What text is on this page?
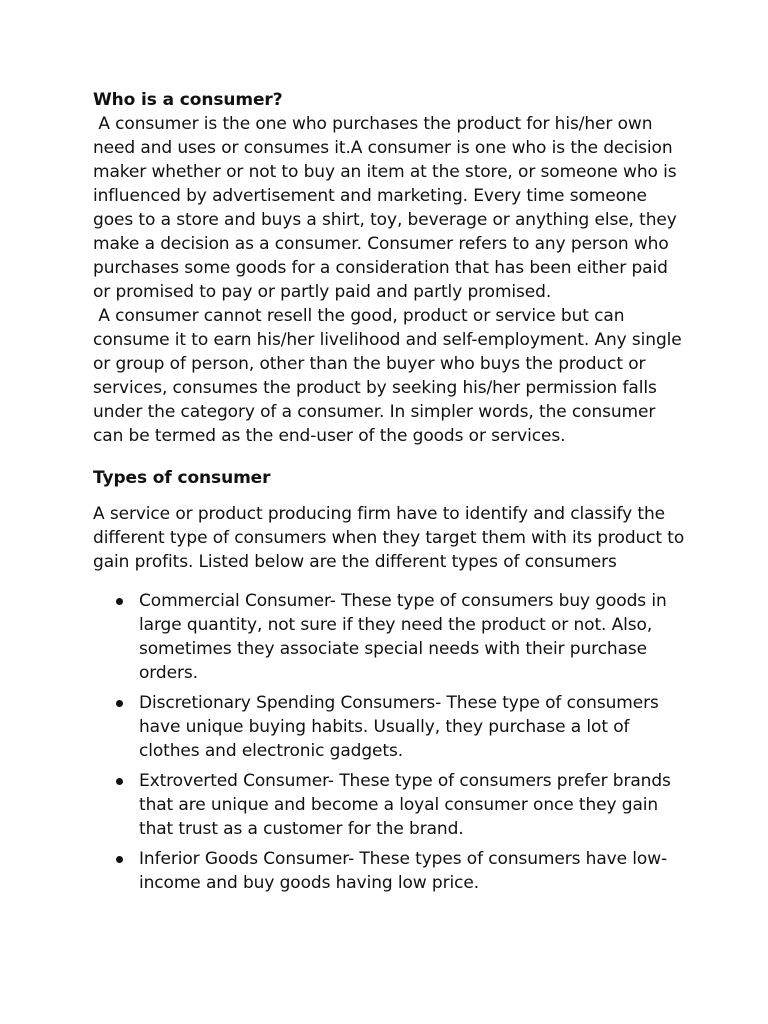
Who is a consumer?

A consumer is the one who purchases the product for his/her own need and uses or consumes it.A consumer is one who is the decision maker whether or not to buy an item at the store, or someone who is influenced by advertisement and marketing. Every time someone goes to a store and buys a shirt, toy, beverage or anything else, they make a decision as a consumer. Consumer refers to any person who purchases some goods for a consideration that has been either paid or promised to pay or partly paid and partly promised.

A consumer cannot resell the good, product or service but can consume it to earn his/her livelihood and self-employment. Any single or group of person, other than the buyer who buys the product or services, consumes the product by seeking his/her permission falls under the category of a consumer. In simpler words, the consumer can be termed as the end-user of the goods or services.

Types of consumer

A service or product producing firm have to identify and classify the different type of consumers when they target them with its product to gain profits. Listed below are the different types of consumers

Commercial Consumer- These type of consumers buy goods in large quantity, not sure if they need the product or not. Also, sometimes they associate special needs with their purchase orders.
Discretionary Spending Consumers- These type of consumers have unique buying habits. Usually, they purchase a lot of clothes and electronic gadgets.
Extroverted Consumer- These type of consumers prefer brands that are unique and become a loyal consumer once they gain that trust as a customer for the brand.
Inferior Goods Consumer- These types of consumers have low-income and buy goods having low price.
